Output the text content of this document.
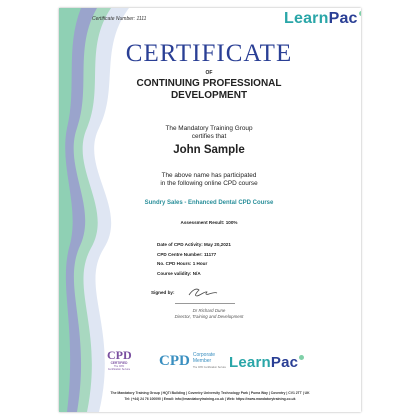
Certificate Number: 1111	LearnPac
CERTIFICATE
OF
CONTINUING PROFESSIONAL
DEVELOPMENT
The Mandatory Training Group
certifies that
John Sample
The above name has participated
in the following online CPD course
Sundry Sales - Enhanced Dental CPD Course
Assessment Result: 100%
Date of CPD Activity: May 20,2021
CPD Centre Number: 11177
No. CPD Hours: 1 Hour
Course validity: N/A
Signed by:
Dr Richard Dune
Director, Training and Development
CPD
CERTIFIED
The CPD Certification Service
CPD Corporate
Member
The CPD Certification Service LearnPac
The Mandatory Training Group | HQTi Building | Coventry University Technology Park | Puma Way | Coventry | CV1 2TT | UK
Tel: (+44) 24 76 100090 | Email: info@mandatorytraining.co.uk | Web: https://www.mandatorytraining.co.uk
